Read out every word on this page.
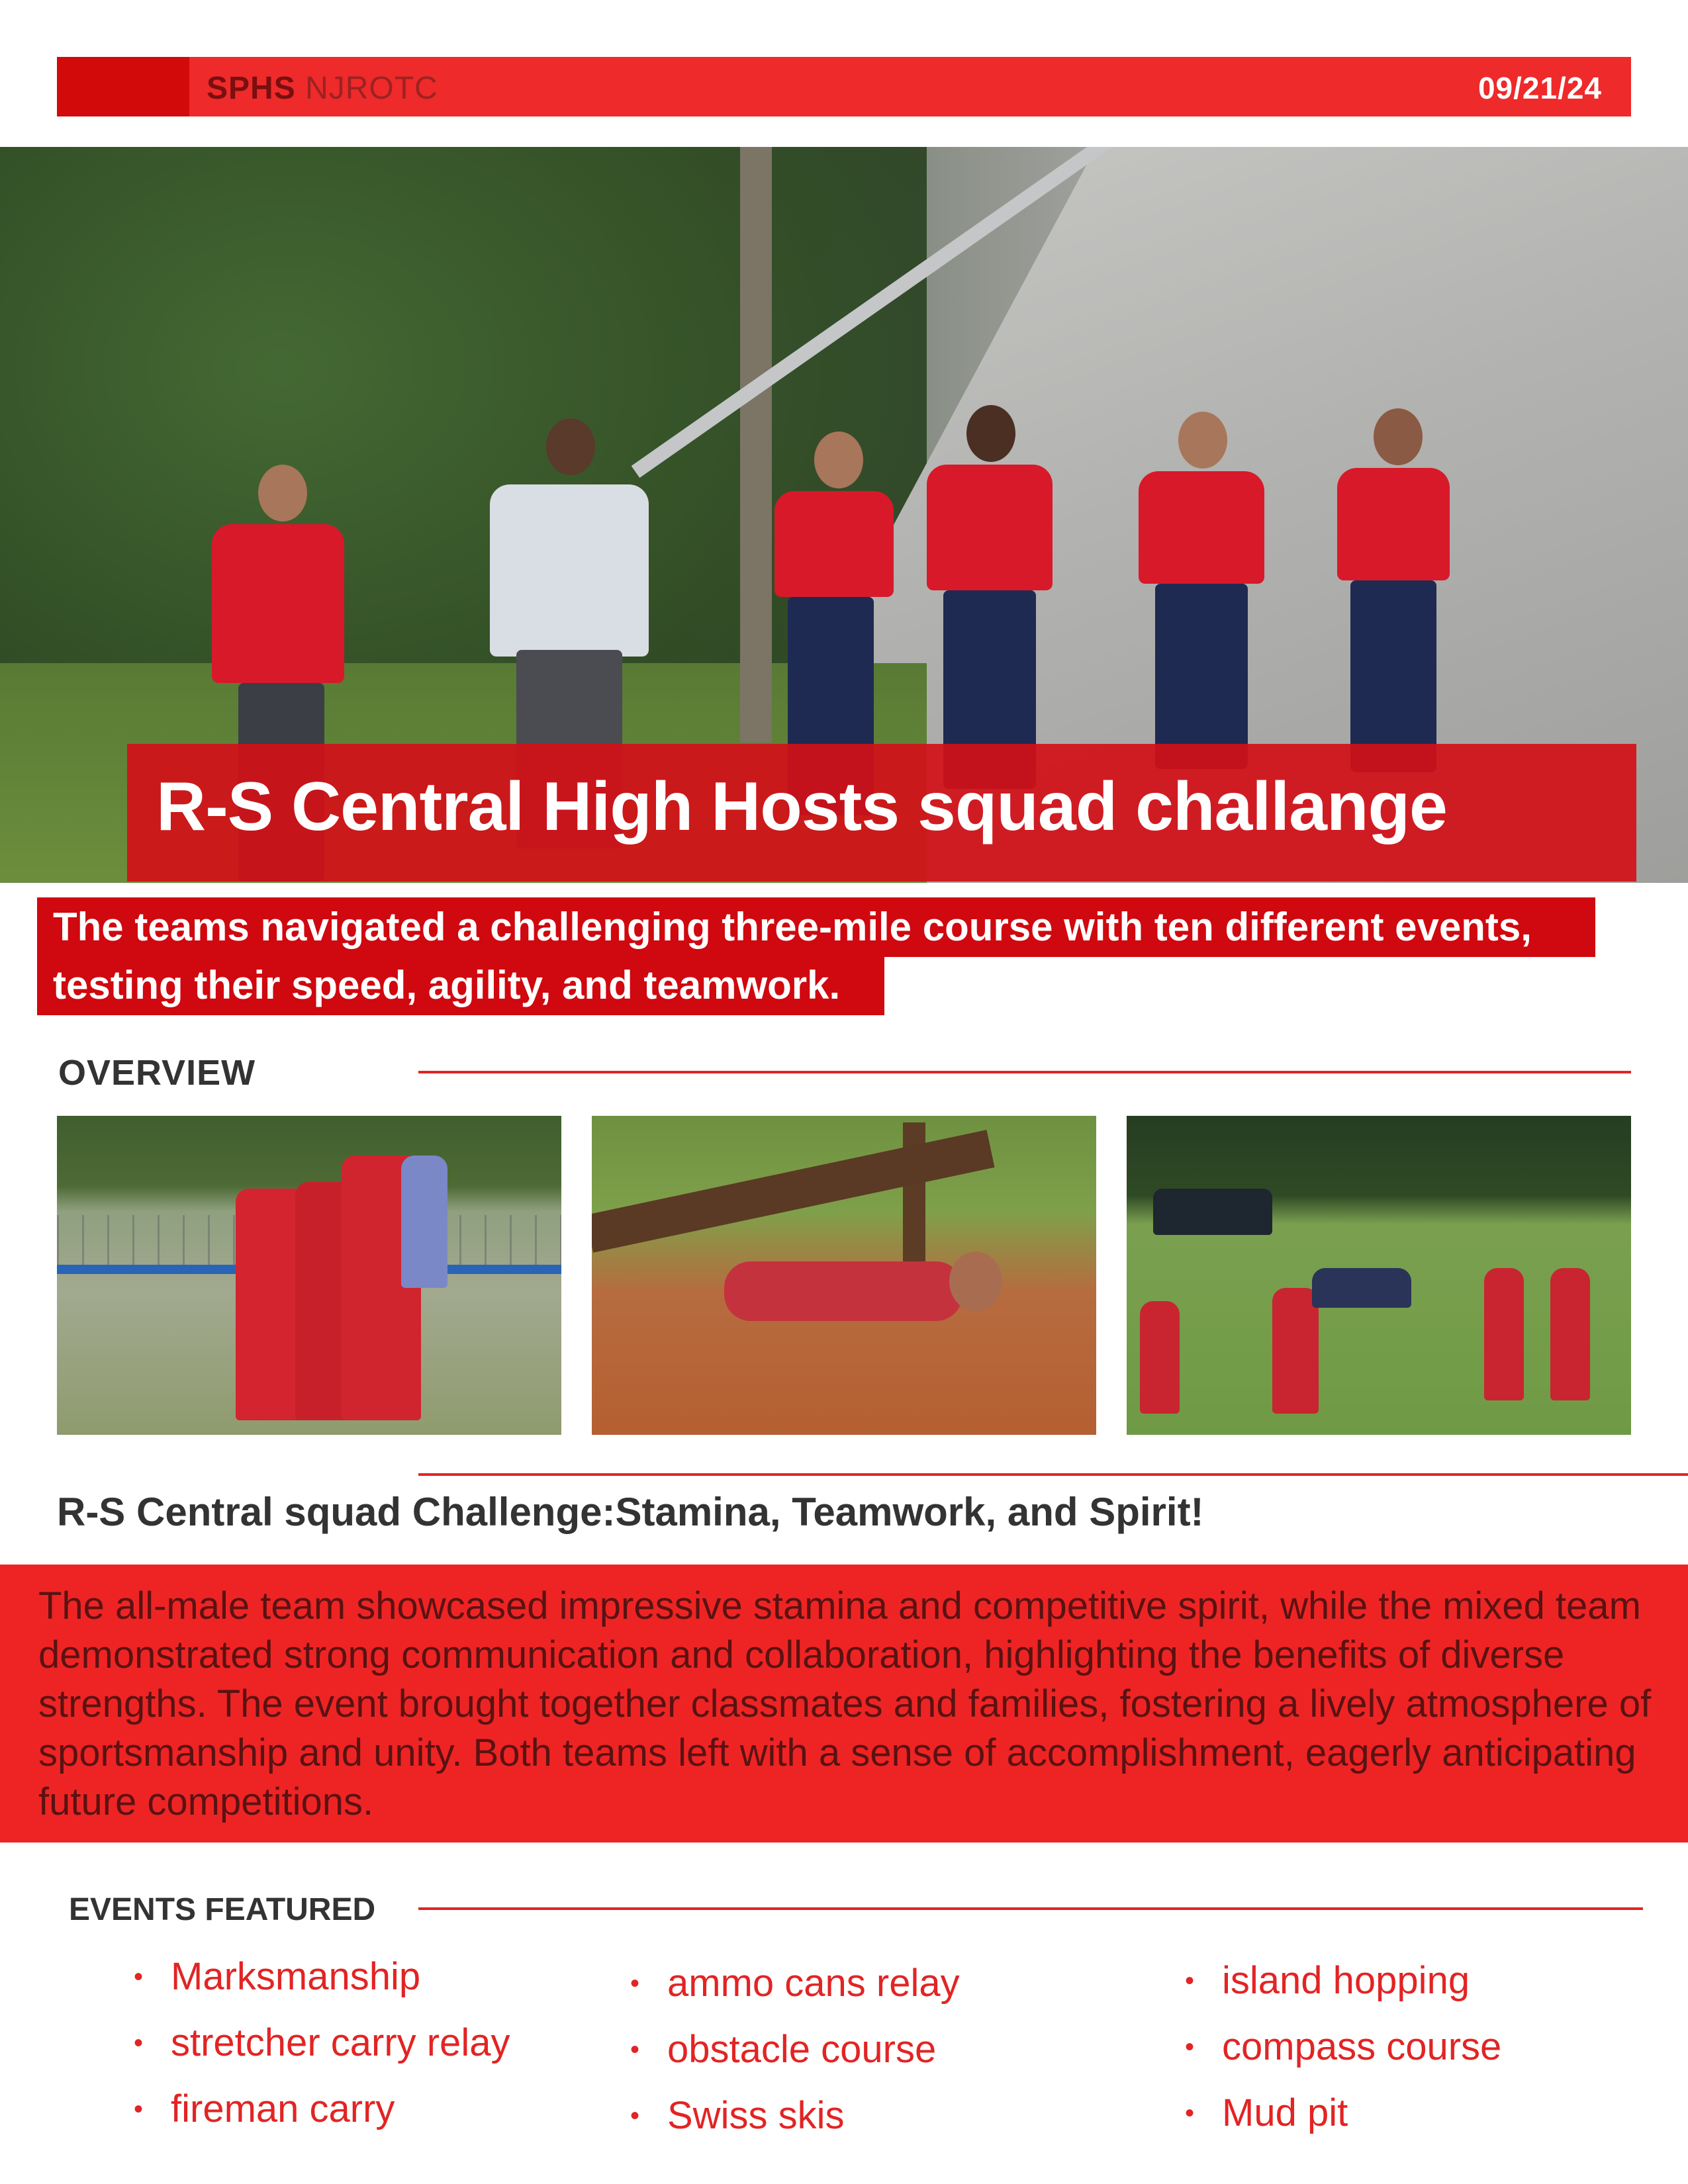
SPHS NJROTC	09/21/24
R-S Central High Hosts squad challange
The teams navigated a challenging three-mile course with ten different events,
testing their speed, agility, and teamwork.
OVERVIEW
R-S Central squad Challenge:Stamina, Teamwork, and Spirit!
The all-male team showcased impressive stamina and competitive spirit, while the mixed team demonstrated strong communication and collaboration, highlighting the benefits of diverse strengths. The event brought together classmates and families, fostering a lively atmosphere of sportsmanship and unity. Both teams left with a sense of accomplishment, eagerly anticipating future competitions.
EVENTS FEATURED
• Marksmanship
• stretcher carry relay
• fireman carry
• ammo cans relay
• obstacle course
• Swiss skis
• island hopping
• compass course
• Mud pit
